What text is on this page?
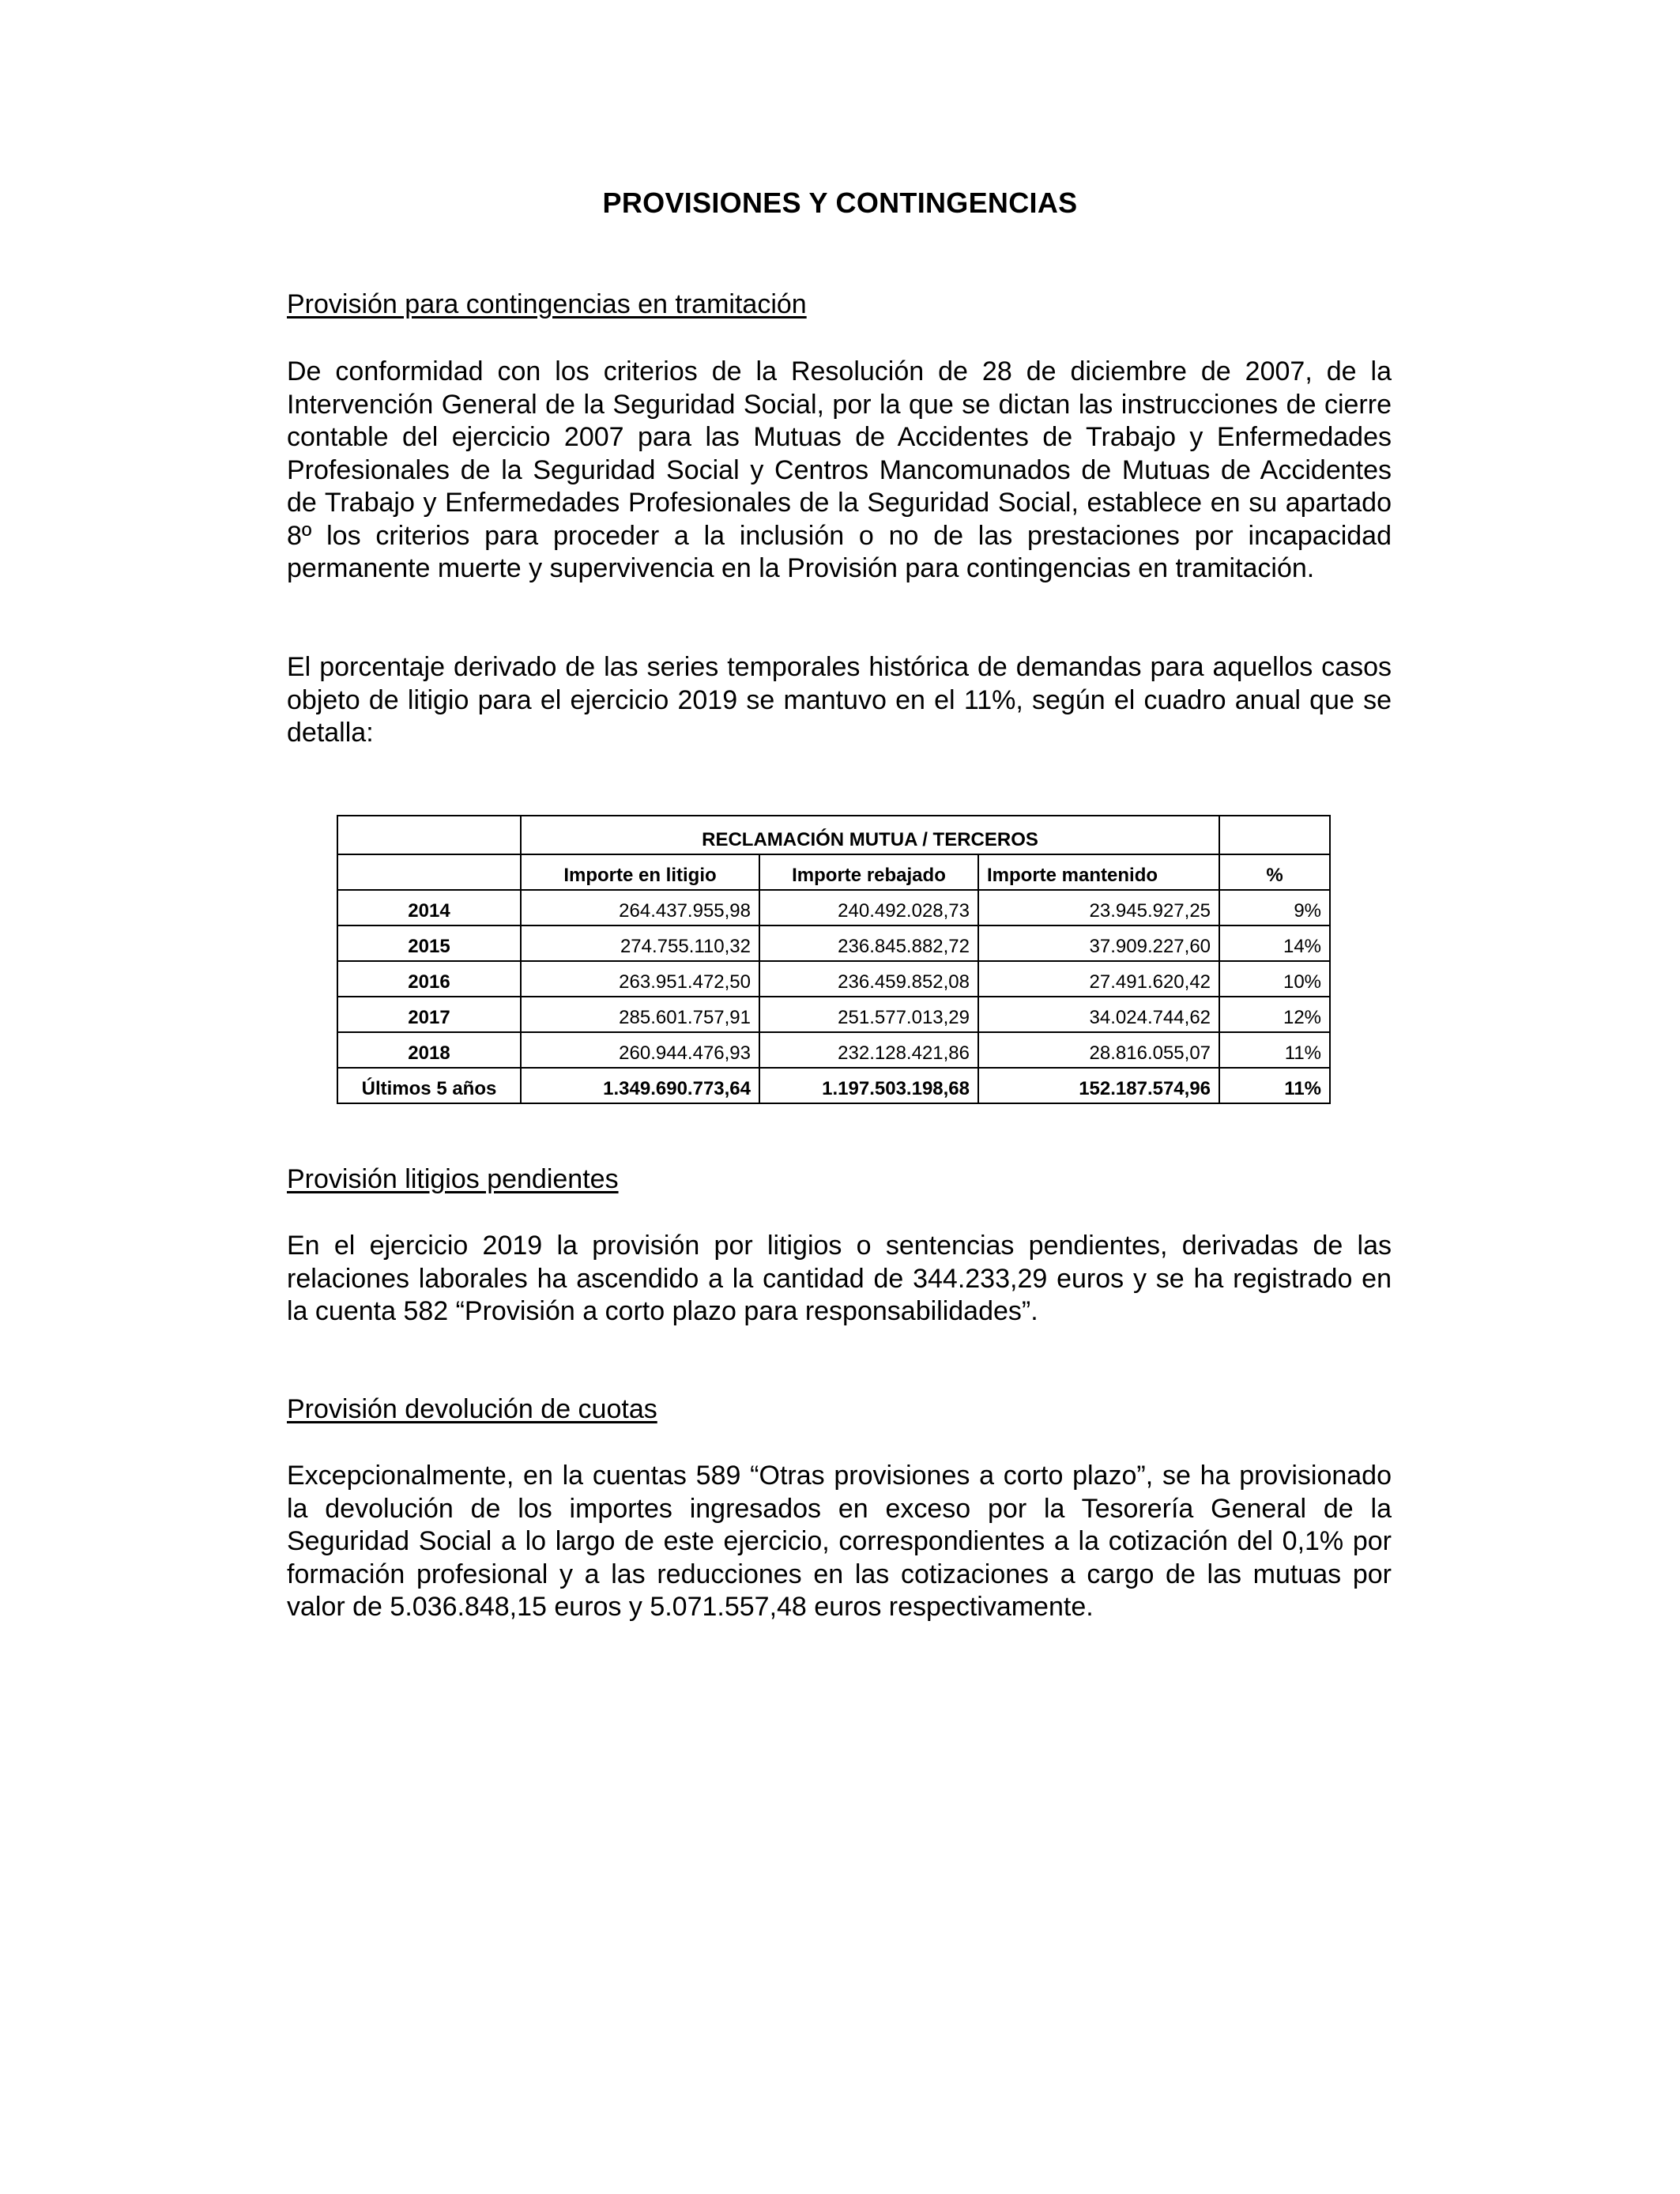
PROVISIONES Y CONTINGENCIAS
Provisión para contingencias en tramitación
De conformidad con los criterios de la Resolución de 28 de diciembre de 2007, de la Intervención General de la Seguridad Social, por la que se dictan las instrucciones de cierre contable del ejercicio 2007 para las Mutuas de Accidentes de Trabajo y Enfermedades Profesionales de la Seguridad Social y Centros Mancomunados de Mutuas de Accidentes de Trabajo y Enfermedades Profesionales de la Seguridad Social, establece en su apartado 8º los criterios para proceder a la inclusión o no de las prestaciones por incapacidad permanente muerte y supervivencia en la Provisión para contingencias en tramitación.
El porcentaje derivado de las series temporales histórica de demandas para aquellos casos objeto de litigio para el ejercicio 2019 se mantuvo en el 11%, según el cuadro anual que se detalla:
	RECLAMACIÓN MUTUA / TERCEROS			
	Importe en litigio	Importe rebajado	Importe mantenido	%
2014	264.437.955,98	240.492.028,73	23.945.927,25	9%
2015	274.755.110,32	236.845.882,72	37.909.227,60	14%
2016	263.951.472,50	236.459.852,08	27.491.620,42	10%
2017	285.601.757,91	251.577.013,29	34.024.744,62	12%
2018	260.944.476,93	232.128.421,86	28.816.055,07	11%
Últimos 5 años	1.349.690.773,64	1.197.503.198,68	152.187.574,96	11%
Provisión litigios pendientes
En el ejercicio 2019 la provisión por litigios o sentencias pendientes, derivadas de las relaciones laborales ha ascendido a la cantidad de 344.233,29 euros y se ha registrado en la cuenta 582 “Provisión a corto plazo para responsabilidades”.
Provisión devolución de cuotas
Excepcionalmente, en la cuentas 589 “Otras provisiones a corto plazo”, se ha provisionado la devolución de los importes ingresados en exceso por la Tesorería General de la Seguridad Social a lo largo de este ejercicio, correspondientes a la cotización del 0,1% por formación profesional y a las reducciones en las cotizaciones a cargo de las mutuas por valor de 5.036.848,15 euros y 5.071.557,48 euros respectivamente.
